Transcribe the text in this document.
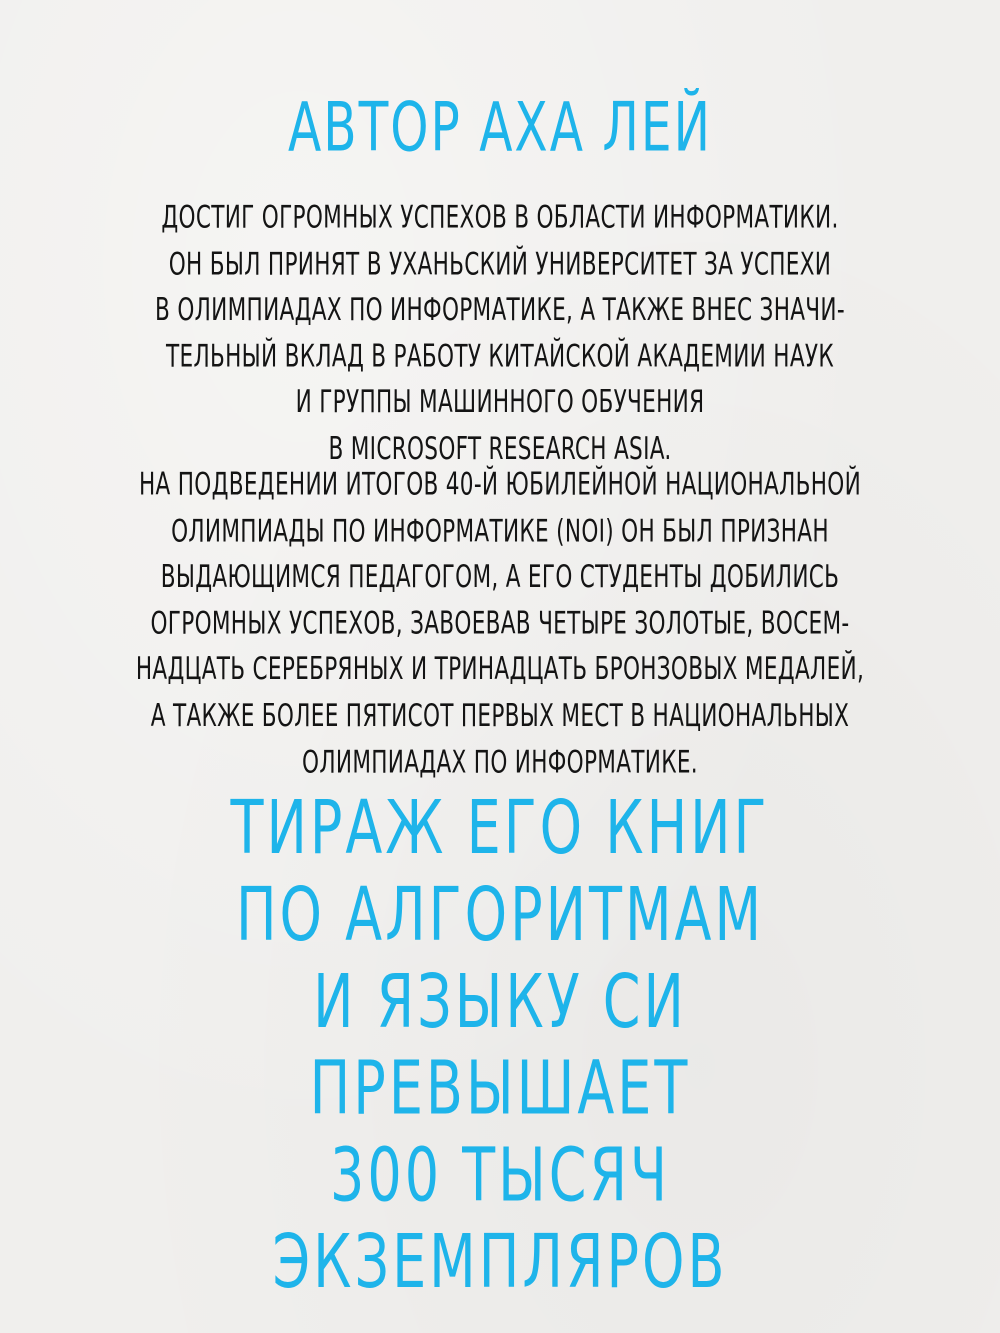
АВТОР АХА ЛЕЙ
ДОСТИГ ОГРОМНЫХ УСПЕХОВ В ОБЛАСТИ ИНФОРМАТИКИ.
ОН БЫЛ ПРИНЯТ В УХАНЬСКИЙ УНИВЕРСИТЕТ ЗА УСПЕХИ
В ОЛИМПИАДАХ ПО ИНФОРМАТИКЕ, А ТАКЖЕ ВНЕС ЗНАЧИ-
ТЕЛЬНЫЙ ВКЛАД В РАБОТУ КИТАЙСКОЙ АКАДЕМИИ НАУК
И ГРУППЫ МАШИННОГО ОБУЧЕНИЯ
В MICROSOFT RESEARCH ASIA.
НА ПОДВЕДЕНИИ ИТОГОВ 40-Й ЮБИЛЕЙНОЙ НАЦИОНАЛЬНОЙ
ОЛИМПИАДЫ ПО ИНФОРМАТИКЕ (NOI) ОН БЫЛ ПРИЗНАН
ВЫДАЮЩИМСЯ ПЕДАГОГОМ, А ЕГО СТУДЕНТЫ ДОБИЛИСЬ
ОГРОМНЫХ УСПЕХОВ, ЗАВОЕВАВ ЧЕТЫРЕ ЗОЛОТЫЕ, ВОСЕМ-
НАДЦАТЬ СЕРЕБРЯНЫХ И ТРИНАДЦАТЬ БРОНЗОВЫХ МЕДАЛЕЙ,
А ТАКЖЕ БОЛЕЕ ПЯТИСОТ ПЕРВЫХ МЕСТ В НАЦИОНАЛЬНЫХ
ОЛИМПИАДАХ ПО ИНФОРМАТИКЕ.
ТИРАЖ ЕГО КНИГ
ПО АЛГОРИТМАМ
И ЯЗЫКУ СИ
ПРЕВЫШАЕТ
300 ТЫСЯЧ
ЭКЗЕМПЛЯРОВ
